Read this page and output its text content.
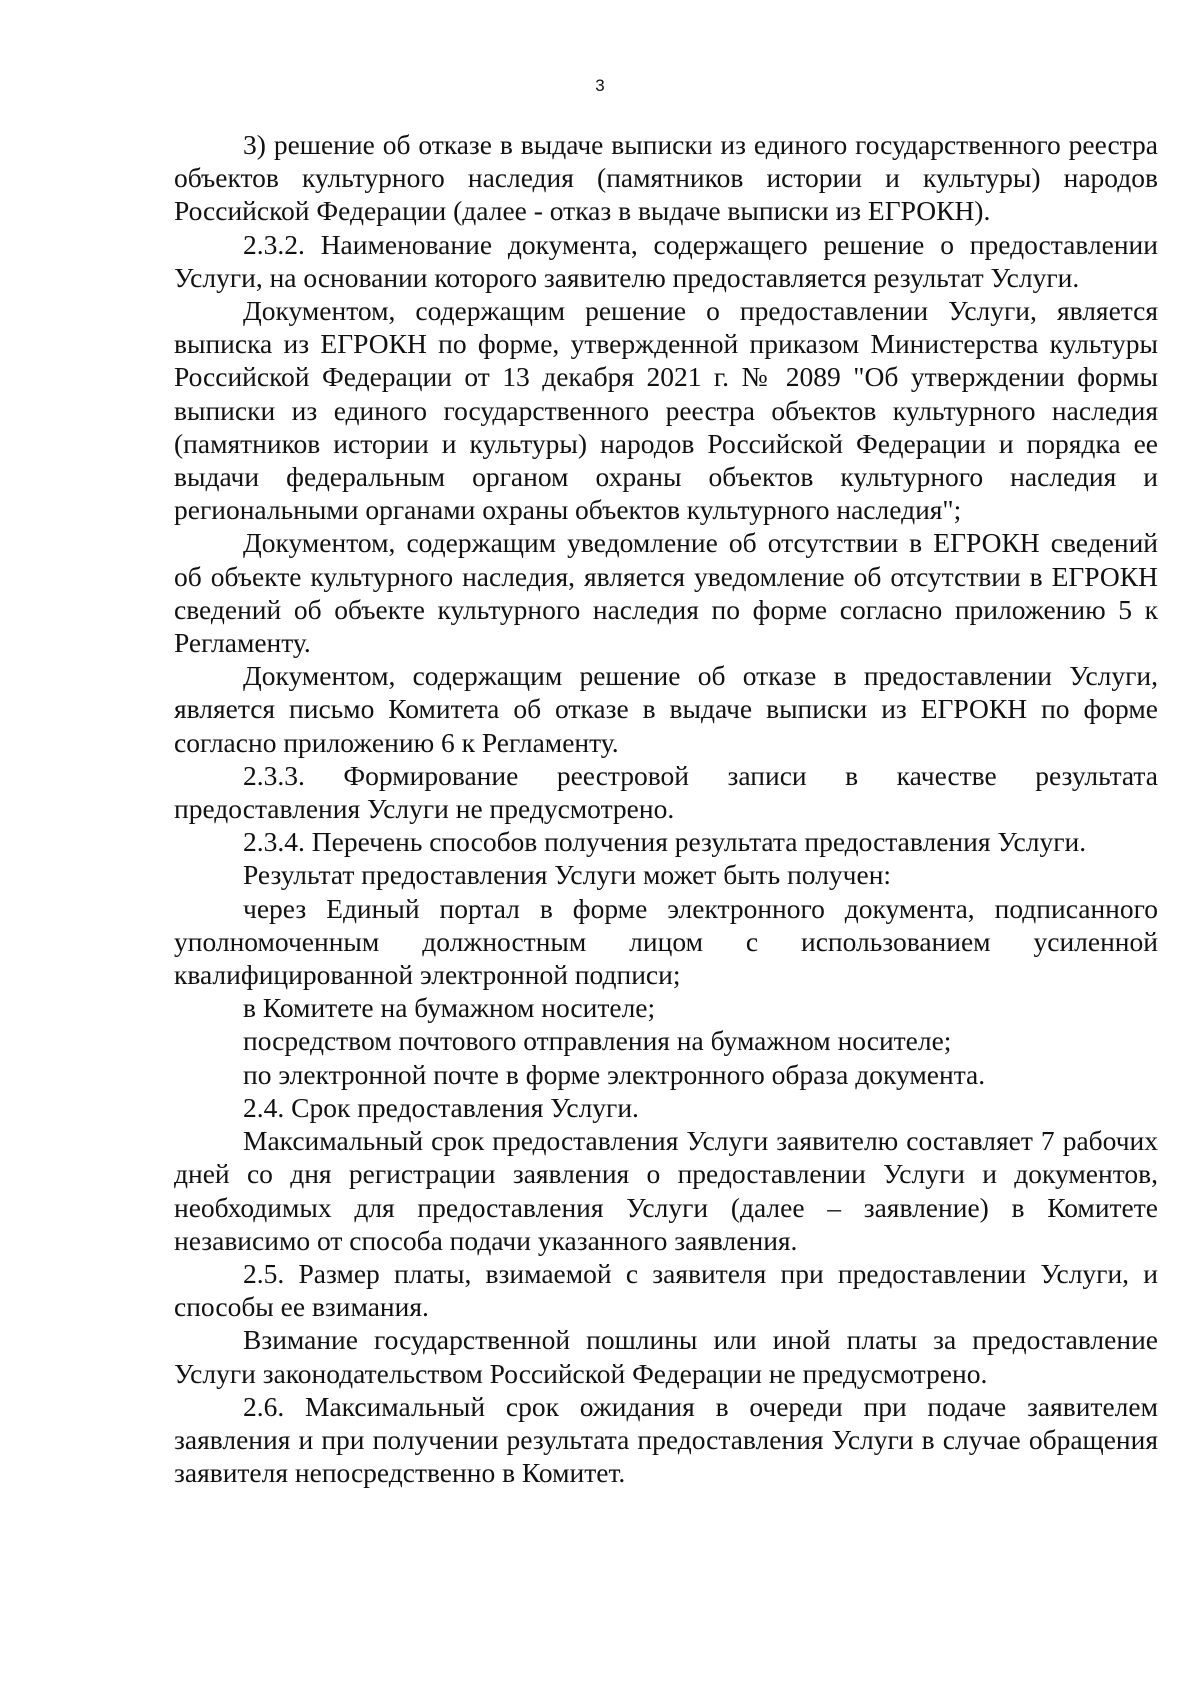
3

3) решение об отказе в выдаче выписки из единого государственного реестра объектов культурного наследия (памятников истории и культуры) народов Российской Федерации (далее - отказ в выдаче выписки из ЕГРОКН).

2.3.2. Наименование документа, содержащего решение о предоставлении Услуги, на основании которого заявителю предоставляется результат Услуги.

Документом, содержащим решение о предоставлении Услуги, является выписка из ЕГРОКН по форме, утвержденной приказом Министерства культуры Российской Федерации от 13 декабря 2021 г. № 2089 "Об утверждении формы выписки из единого государственного реестра объектов культурного наследия (памятников истории и культуры) народов Российской Федерации и порядка ее выдачи федеральным органом охраны объектов культурного наследия и региональными органами охраны объектов культурного наследия";

Документом, содержащим уведомление об отсутствии в ЕГРОКН сведений об объекте культурного наследия, является уведомление об отсутствии в ЕГРОКН сведений об объекте культурного наследия по форме согласно приложению 5 к Регламенту.

Документом, содержащим решение об отказе в предоставлении Услуги, является письмо Комитета об отказе в выдаче выписки из ЕГРОКН по форме согласно приложению 6 к Регламенту.

2.3.3. Формирование реестровой записи в качестве результата предоставления Услуги не предусмотрено.

2.3.4. Перечень способов получения результата предоставления Услуги.

Результат предоставления Услуги может быть получен:

через Единый портал в форме электронного документа, подписанного уполномоченным должностным лицом с использованием усиленной квалифицированной электронной подписи;

в Комитете на бумажном носителе;

посредством почтового отправления на бумажном носителе;

по электронной почте в форме электронного образа документа.

2.4. Срок предоставления Услуги.

Максимальный срок предоставления Услуги заявителю составляет 7 рабочих дней со дня регистрации заявления о предоставлении Услуги и документов, необходимых для предоставления Услуги (далее – заявление) в Комитете независимо от способа подачи указанного заявления.

2.5. Размер платы, взимаемой с заявителя при предоставлении Услуги, и способы ее взимания.

Взимание государственной пошлины или иной платы за предоставление Услуги законодательством Российской Федерации не предусмотрено.

2.6. Максимальный срок ожидания в очереди при подаче заявителем заявления и при получении результата предоставления Услуги в случае обращения заявителя непосредственно в Комитет.
